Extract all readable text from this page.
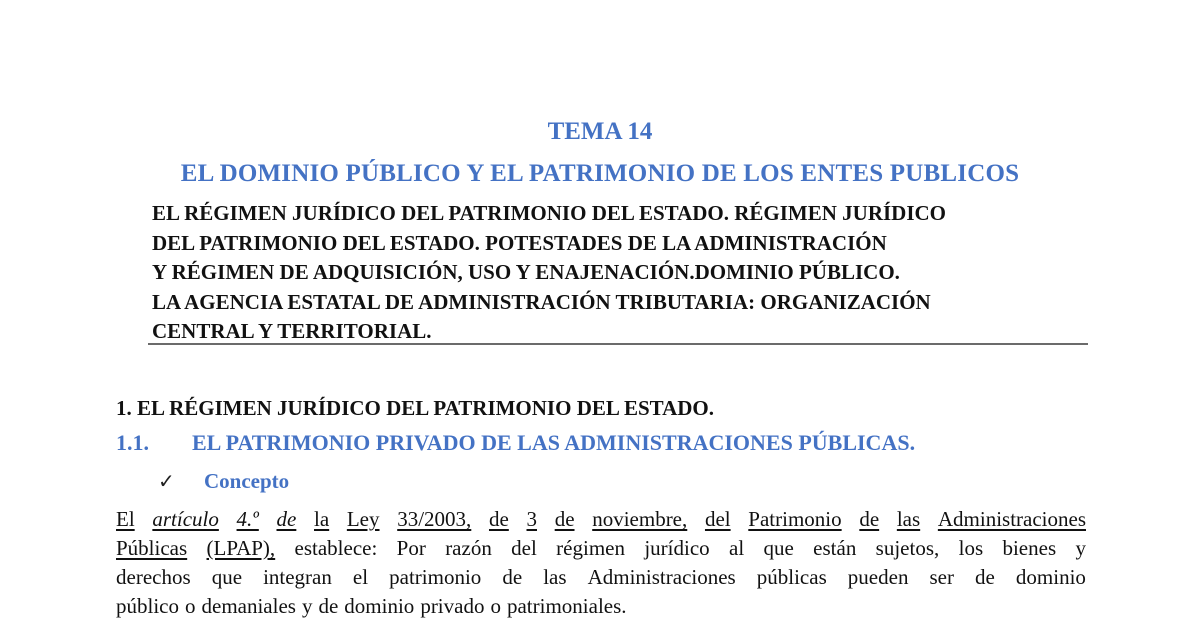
TEMA 14
EL DOMINIO PÚBLICO Y EL PATRIMONIO DE LOS ENTES PUBLICOS
EL RÉGIMEN JURÍDICO DEL PATRIMONIO DEL ESTADO. RÉGIMEN JURÍDICO
DEL PATRIMONIO DEL ESTADO. POTESTADES DE LA ADMINISTRACIÓN
Y RÉGIMEN DE ADQUISICIÓN, USO Y ENAJENACIÓN.DOMINIO PÚBLICO.
LA AGENCIA ESTATAL DE ADMINISTRACIÓN TRIBUTARIA: ORGANIZACIÓN
CENTRAL Y TERRITORIAL.
1. EL RÉGIMEN JURÍDICO DEL PATRIMONIO DEL ESTADO.
1.1. EL PATRIMONIO PRIVADO DE LAS ADMINISTRACIONES PÚBLICAS.
✓ Concepto
El artículo 4.º de la Ley 33/2003, de 3 de noviembre, del Patrimonio de las Administraciones
Públicas (LPAP), establece: Por razón del régimen jurídico al que están sujetos, los bienes y
derechos que integran el patrimonio de las Administraciones públicas pueden ser de dominio
público o demaniales y de dominio privado o patrimoniales.
